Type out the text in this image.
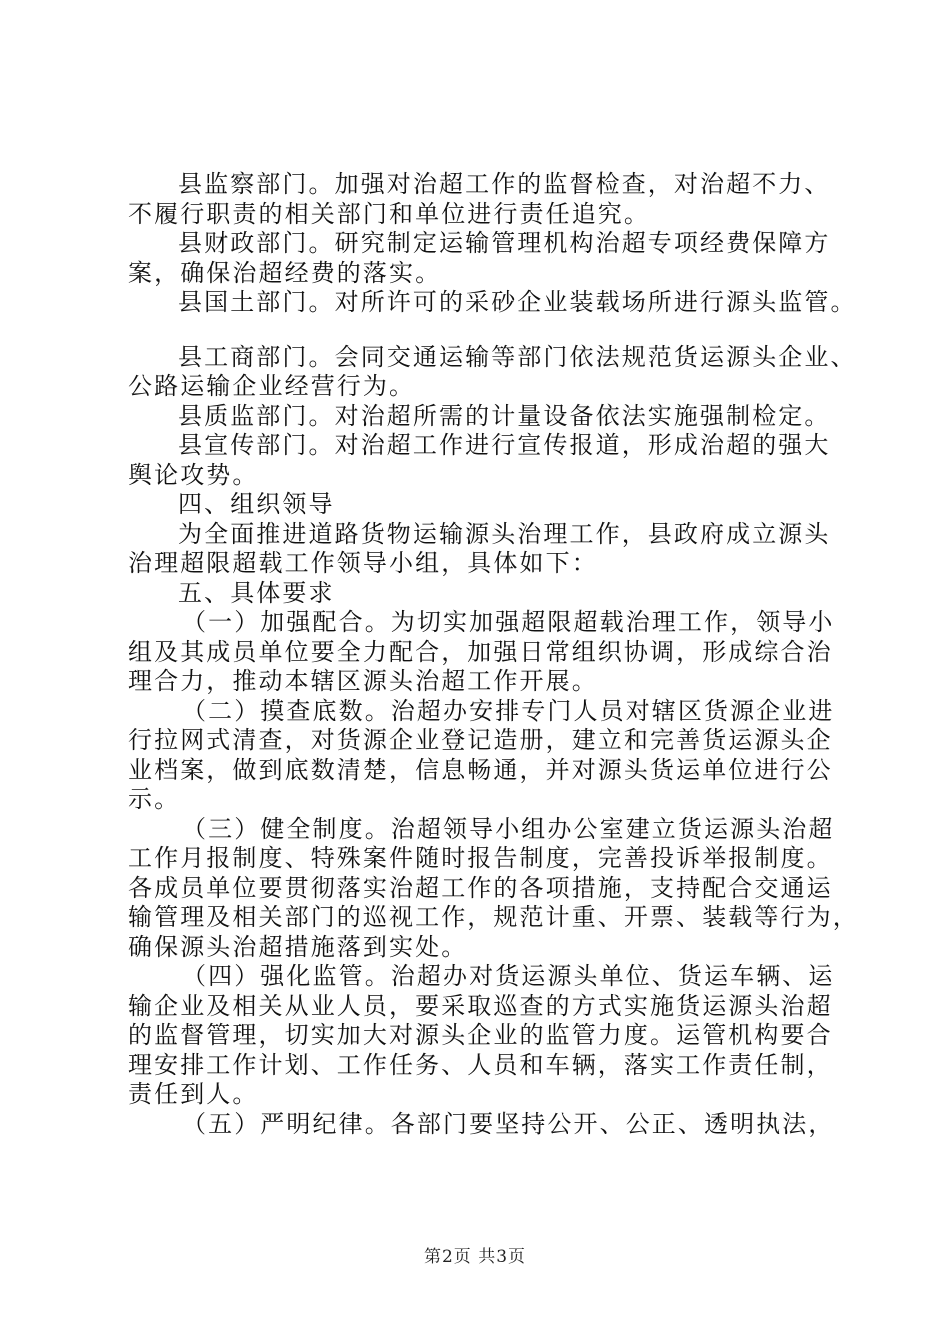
县监察部门。加强对治超工作的监督检查，对治超不力、
不履行职责的相关部门和单位进行责任追究。
县财政部门。研究制定运输管理机构治超专项经费保障方
案，确保治超经费的落实。
县国土部门。对所许可的采砂企业装载场所进行源头监管。
县工商部门。会同交通运输等部门依法规范货运源头企业、
公路运输企业经营行为。
县质监部门。对治超所需的计量设备依法实施强制检定。
县宣传部门。对治超工作进行宣传报道，形成治超的强大
舆论攻势。
四、组织领导
为全面推进道路货物运输源头治理工作，县政府成立源头
治理超限超载工作领导小组，具体如下：
五、具体要求
（一）加强配合。为切实加强超限超载治理工作，领导小
组及其成员单位要全力配合，加强日常组织协调，形成综合治
理合力，推动本辖区源头治超工作开展。
（二）摸查底数。治超办安排专门人员对辖区货源企业进
行拉网式清查，对货源企业登记造册，建立和完善货运源头企
业档案，做到底数清楚，信息畅通，并对源头货运单位进行公
示。
（三）健全制度。治超领导小组办公室建立货运源头治超
工作月报制度、特殊案件随时报告制度，完善投诉举报制度。
各成员单位要贯彻落实治超工作的各项措施，支持配合交通运
输管理及相关部门的巡视工作，规范计重、开票、装载等行为，
确保源头治超措施落到实处。
（四）强化监管。治超办对货运源头单位、货运车辆、运
输企业及相关从业人员，要采取巡查的方式实施货运源头治超
的监督管理，切实加大对源头企业的监管力度。运管机构要合
理安排工作计划、工作任务、人员和车辆，落实工作责任制，
责任到人。
（五）严明纪律。各部门要坚持公开、公正、透明执法，
第2页 共3页
